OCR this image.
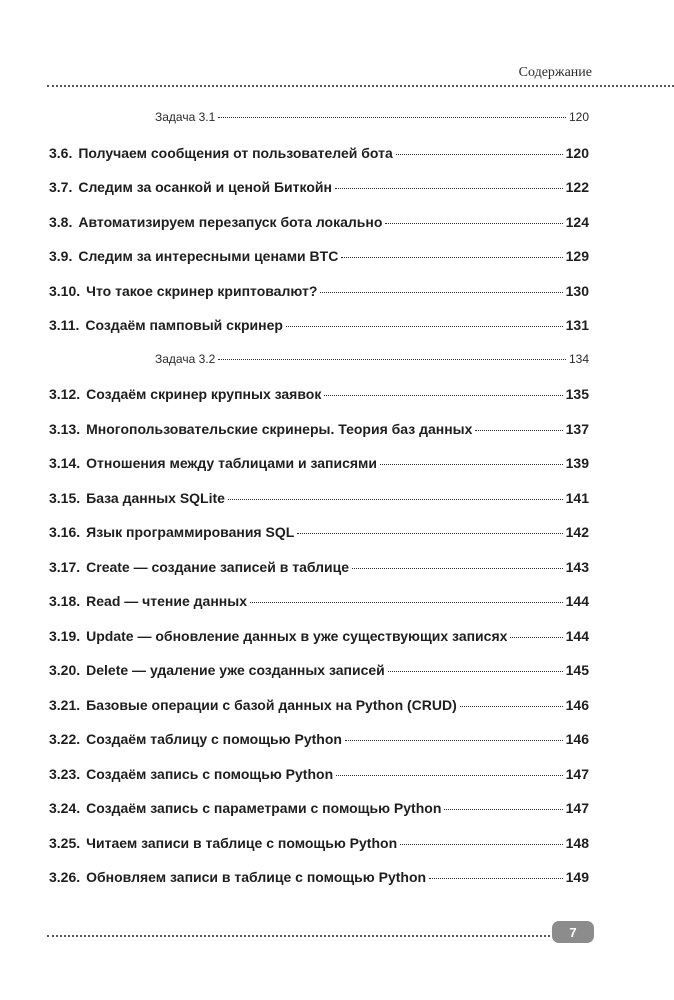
Содержание
Задача 3.1	120
3.6. Получаем сообщения от пользователей бота	120
3.7. Следим за осанкой и ценой Биткойн	122
3.8. Автоматизируем перезапуск бота локально	124
3.9. Следим за интересными ценами BTC	129
3.10. Что такое скринер криптовалют?	130
3.11. Создаём памповый скринер	131
Задача 3.2	134
3.12. Создаём скринер крупных заявок	135
3.13. Многопользовательские скринеры. Теория баз данных	137
3.14. Отношения между таблицами и записями	139
3.15. База данных SQLite	141
3.16. Язык программирования SQL	142
3.17. Create — создание записей в таблице	143
3.18. Read — чтение данных	144
3.19. Update — обновление данных в уже существующих записях	144
3.20. Delete — удаление уже созданных записей	145
3.21. Базовые операции с базой данных на Python (CRUD)	146
3.22. Создаём таблицу с помощью Python	146
3.23. Создаём запись с помощью Python	147
3.24. Создаём запись с параметрами с помощью Python	147
3.25. Читаем записи в таблице с помощью Python	148
3.26. Обновляем записи в таблице с помощью Python	149
7
